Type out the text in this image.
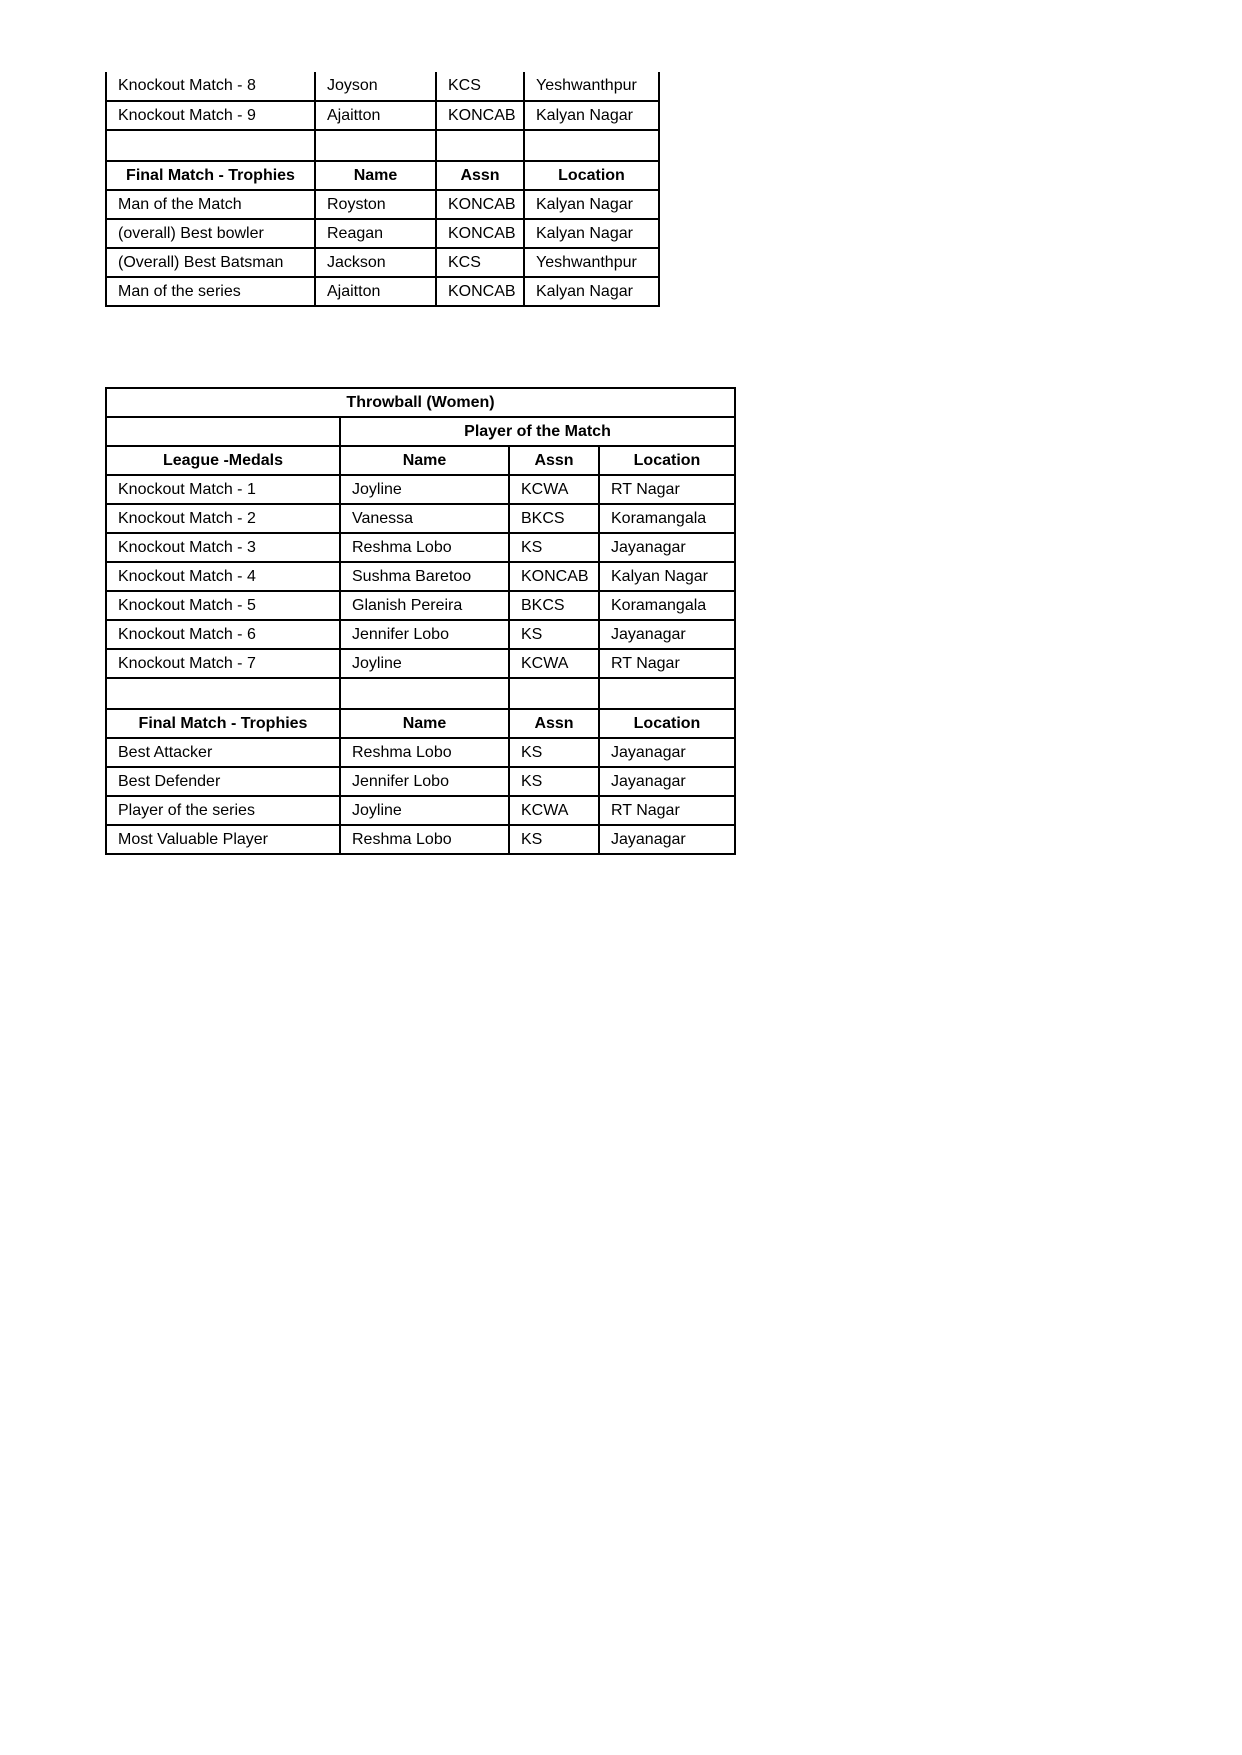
Knockout Match - 8	Joyson	KCS	Yeshwanthpur
Knockout Match - 9	Ajaitton	KONCAB	Kalyan Nagar

Final Match - Trophies	Name	Assn	Location
Man of the Match	Royston	KONCAB	Kalyan Nagar
(overall) Best bowler	Reagan	KONCAB	Kalyan Nagar
(Overall) Best Batsman	Jackson	KCS	Yeshwanthpur
Man of the series	Ajaitton	KONCAB	Kalyan Nagar
Throwball (Women)			
	Player of the Match		
League -Medals	Name	Assn	Location
Knockout Match - 1	Joyline	KCWA	RT Nagar
Knockout Match - 2	Vanessa	BKCS	Koramangala
Knockout Match - 3	Reshma Lobo	KS	Jayanagar
Knockout Match - 4	Sushma Baretoo	KONCAB	Kalyan Nagar
Knockout Match - 5	Glanish Pereira	BKCS	Koramangala
Knockout Match - 6	Jennifer Lobo	KS	Jayanagar
Knockout Match - 7	Joyline	KCWA	RT Nagar

Final Match - Trophies	Name	Assn	Location
Best Attacker	Reshma Lobo	KS	Jayanagar
Best Defender	Jennifer Lobo	KS	Jayanagar
Player of the series	Joyline	KCWA	RT Nagar
Most Valuable Player	Reshma Lobo	KS	Jayanagar
